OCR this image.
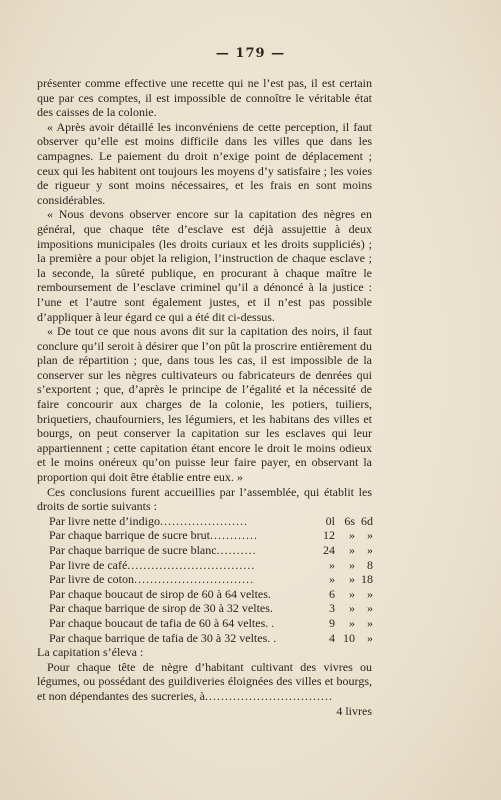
— 179 —

présenter comme effective une recette qui ne l’est pas, il est certain que par ces comptes, il est impossible de connoître le véritable état des caisses de la colonie.

« Après avoir détaillé les inconvéniens de cette perception, il faut observer qu’elle est moins difficile dans les villes que dans les campagnes. Le paiement du droit n’exige point de déplacement ; ceux qui les habitent ont toujours les moyens d’y satisfaire ; les voies de rigueur y sont moins nécessaires, et les frais en sont moins considérables.

« Nous devons observer encore sur la capitation des nègres en général, que chaque tête d’esclave est déjà assujettie à deux impositions municipales (les droits curiaux et les droits suppliciés) ; la première a pour objet la religion, l’instruction de chaque esclave ; la seconde, la sûreté publique, en procurant à chaque maître le remboursement de l’esclave criminel qu’il a dénoncé à la justice : l’une et l’autre sont également justes, et il n’est pas possible d’appliquer à leur égard ce qui a été dit ci-dessus.

« De tout ce que nous avons dit sur la capitation des noirs, il faut conclure qu’il seroit à désirer que l’on pût la proscrire entièrement du plan de répartition ; que, dans tous les cas, il est impossible de la conserver sur les nègres cultivateurs ou fabricateurs de denrées qui s’exportent ; que, d’après le principe de l’égalité et la nécessité de faire concourir aux charges de la colonie, les potiers, tuiliers, briquetiers, chaufourniers, les légumiers, et les habitans des villes et bourgs, on peut conserver la capitation sur les esclaves qui leur appartiennent ; cette capitation étant encore le droit le moins odieux et le moins onéreux qu’on puisse leur faire payer, en observant la proportion qui doit être établie entre eux. »

Ces conclusions furent accueillies par l’assemblée, qui établit les droits de sortie suivants :

Par livre nette d’indigo......................	0l	6s	6d
Par chaque barrique de sucre brut............	12	»	»
Par chaque barrique de sucre blanc..........	24	»	»
Par livre de café................................	»	»	8
Par livre de coton..............................	»	»	18
Par chaque boucaut de sirop de 60 à 64 veltes.	6	»	»
Par chaque barrique de sirop de 30 à 32 veltes.	3	»	»
Par chaque boucaut de tafia de 60 à 64 veltes. .	9	»	»
Par chaque barrique de tafia de 30 à 32 veltes. .	4	10	»

La capitation s’éleva :

Pour chaque tête de nègre d’habitant cultivant des vivres ou légumes, ou possédant des guildiveries éloignées des villes et bourgs, et non dépendantes des sucreries, à................................
4 livres
